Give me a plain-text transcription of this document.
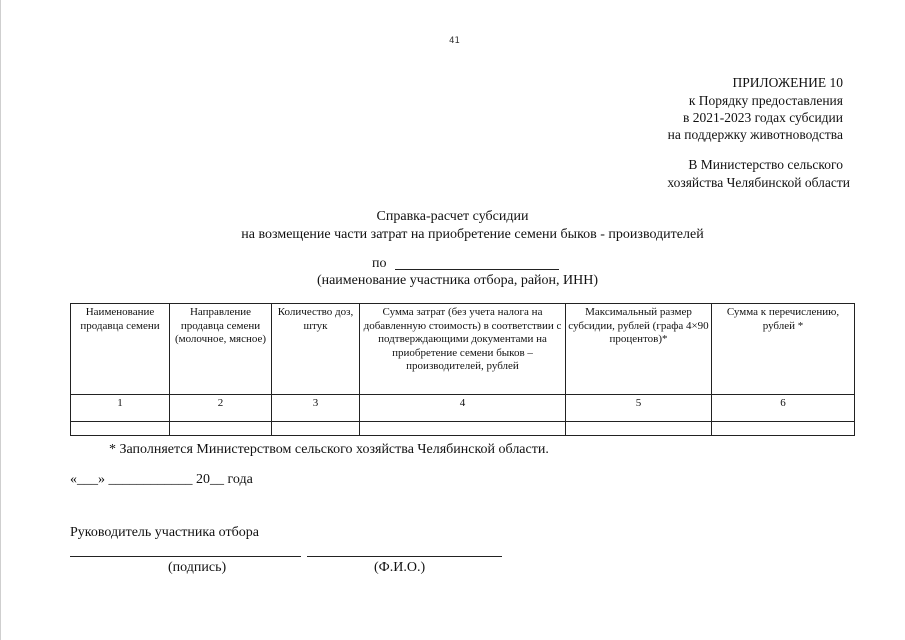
41
ПРИЛОЖЕНИЕ 10
к Порядку предоставления
в 2021-2023 годах субсидии
на поддержку животноводства
В Министерство сельского
хозяйства Челябинской области
Справка-расчет субсидии
на возмещение части затрат на приобретение семени быков - производителей
по
(наименование участника отбора, район, ИНН)
Наименование продавца семени	Направление продавца семени (молочное, мясное)	Количество доз, штук	Сумма затрат (без учета налога на добавленную стоимость) в соответствии с подтверждающими документами на приобретение семени быков – производителей, рублей	Максимальный размер субсидии, рублей (графа 4×90 процентов)*	Сумма к перечислению, рублей *
1	2	3	4	5	6

* Заполняется Министерством сельского хозяйства Челябинской области.
«___» ____________ 20__ года
Руководитель участника отбора
(подпись)	(Ф.И.О.)
